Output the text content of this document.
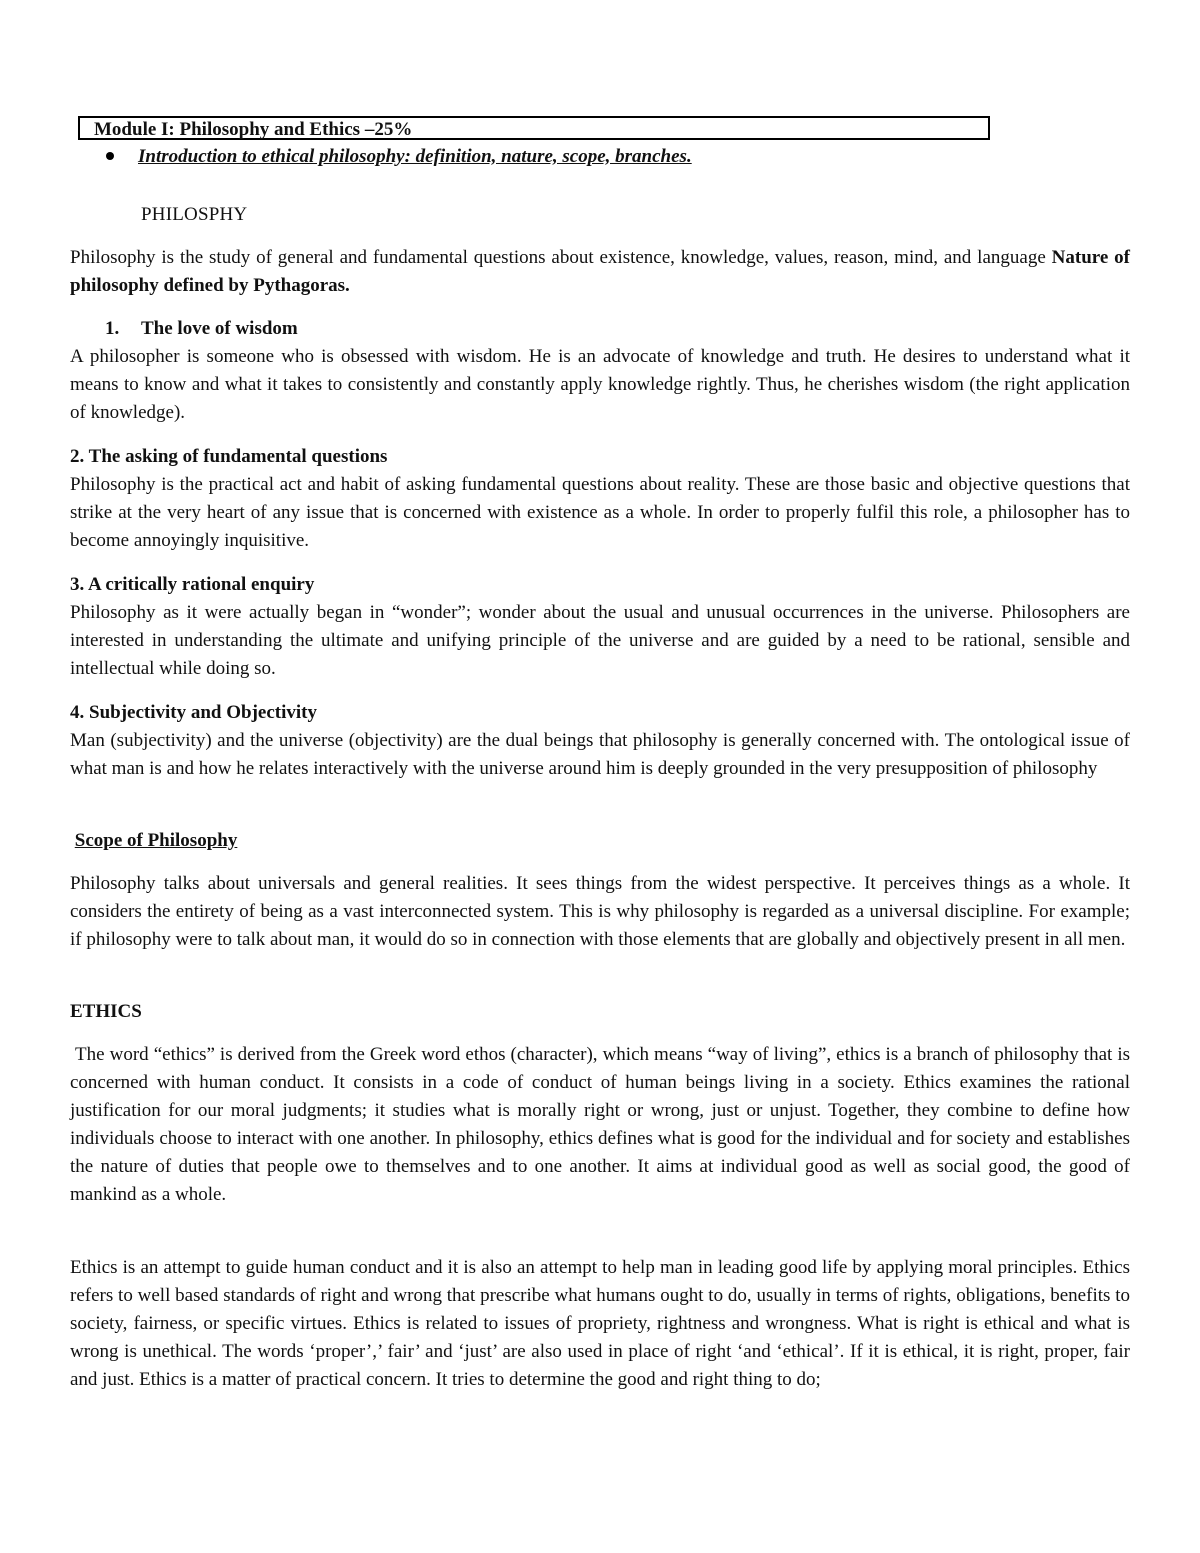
Module I: Philosophy and Ethics –25%
Introduction to ethical philosophy: definition, nature, scope, branches.
PHILOSPHY

Philosophy is the study of general and fundamental questions about existence, knowledge, values, reason, mind, and language Nature of philosophy defined by Pythagoras.

1. The love of wisdom

A philosopher is someone who is obsessed with wisdom. He is an advocate of knowledge and truth. He desires to understand what it means to know and what it takes to consistently and constantly apply knowledge rightly. Thus, he cherishes wisdom (the right application of knowledge).

2. The asking of fundamental questions

Philosophy is the practical act and habit of asking fundamental questions about reality. These are those basic and objective questions that strike at the very heart of any issue that is concerned with existence as a whole. In order to properly fulfil this role, a philosopher has to become annoyingly inquisitive.

3. A critically rational enquiry

Philosophy as it were actually began in “wonder”; wonder about the usual and unusual occurrences in the universe. Philosophers are interested in understanding the ultimate and unifying principle of the universe and are guided by a need to be rational, sensible and intellectual while doing so.

4. Subjectivity and Objectivity

Man (subjectivity) and the universe (objectivity) are the dual beings that philosophy is generally concerned with. The ontological issue of what man is and how he relates interactively with the universe around him is deeply grounded in the very presupposition of philosophy

Scope of Philosophy

Philosophy talks about universals and general realities. It sees things from the widest perspective. It perceives things as a whole. It considers the entirety of being as a vast interconnected system. This is why philosophy is regarded as a universal discipline. For example; if philosophy were to talk about man, it would do so in connection with those elements that are globally and objectively present in all men.

ETHICS

The word “ethics” is derived from the Greek word ethos (character), which means “way of living”, ethics is a branch of philosophy that is concerned with human conduct. It consists in a code of conduct of human beings living in a society. Ethics examines the rational justification for our moral judgments; it studies what is morally right or wrong, just or unjust. Together, they combine to define how individuals choose to interact with one another. In philosophy, ethics defines what is good for the individual and for society and establishes the nature of duties that people owe to themselves and to one another. It aims at individual good as well as social good, the good of mankind as a whole.

Ethics is an attempt to guide human conduct and it is also an attempt to help man in leading good life by applying moral principles. Ethics refers to well based standards of right and wrong that prescribe what humans ought to do, usually in terms of rights, obligations, benefits to society, fairness, or specific virtues. Ethics is related to issues of propriety, rightness and wrongness. What is right is ethical and what is wrong is unethical. The words ‘proper’,’ fair’ and ‘just’ are also used in place of right ‘and ‘ethical’. If it is ethical, it is right, proper, fair and just. Ethics is a matter of practical concern. It tries to determine the good and right thing to do;
